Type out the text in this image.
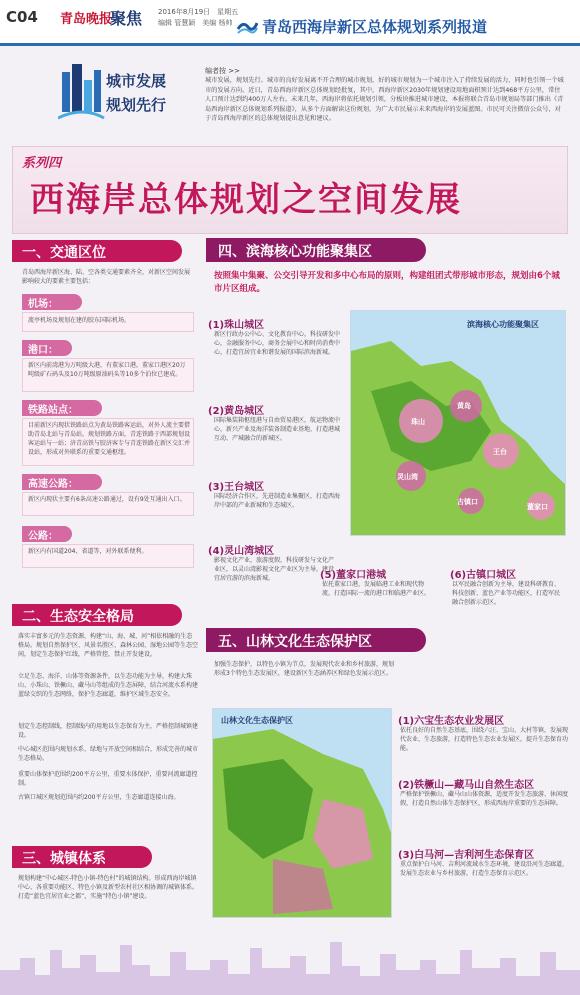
C04 青岛晚报
聚焦 2016年8月19日　星期五
编辑 管慧颖　美编 杨帅	青岛西海岸新区总体规划系列报道
城市发展
规划先行
编者按 >>
城市发展，规划先行。城市的良好发展离不开合理的城市规划，好的城市规划为一个城市注入了持续发展的活力，同时也引领一个城市的发展方向。近日，青岛西海岸新区总体规划经批复，其中，西海岸新区2030年规划建设用地面积预计达到468平方公里，常住人口预计达到约400万人左右。未来几年，西海岸将依托规划引领，分板块推进城市建设，本报将联合青岛市规划局等部门推出《青岛西海岸新区总体规划系列报道》，从多个方面解读这份规划，为广大市民展示未来西海岸的发展蓝图。市民可关注微信公众号，对于青岛西海岸新区的总体规划提出意见和建议。
系列四
西海岸总体规划之空间发展
一、交通区位
青岛西海岸新区海、陆、空各类交通要素齐全，对新区空间发展影响较大的要素主要包括：
机场：
流亭机场及规划在建的胶东国际机场。
港口：
新区内前湾港为万吨级大港，有董家口港。董家口港区20万吨级矿石码头及10万吨级原油码头等10多个泊位已建成。
铁路站点：
目前新区内现状铁路站点为黄岛铁路客运站，对外人流主要借助青岛北站与青岛站。规划铁路方面，青连铁路于西部规划设客运站与一站；济青高铁与胶济客专与青连铁路在新区交汇并设站，形成对外联系的重要交通枢纽。
高速公路：
新区内现状主要有6条高速公路通过，设有9处互通出入口。
公路：
新区内有国道204、省道等，对外联系便利。
二、生态安全格局
落实丰富多元的生态资源，构建“山、海、城、河”相依相融的生态格局。规划自然保护区、风景名胜区、森林公园、湿地公园等生态空间，划定生态保护红线，严格管控，禁止开发建设。
立足生态、海洋、山体等资源条件，以生态功能为主导，构建大珠山、小珠山、铁橛山、藏马山等组成的生态屏障，结合河流水系构建蓝绿交织的生态网络，保护生态廊道，维护区域生态安全。
划定生态控制线，控制线内的用地以生态保育为主，严格控制城镇建设。
中心城区范围内规划水系、绿地与开放空间相结合，形成完善的城市生态格局。
重要山体保护范围约200平方公里，重要水体保护，重要河流廊道控制。
古镇口城区规划范围内约200平方公里，生态廊道连接山海。
三、城镇体系
规划构建“中心城区-特色小镇-特色村”的城镇结构。形成西海岸城镇中心、各重要功能区、特色小镇及新型农村社区相协调的城镇体系。打造“蓝色宜居宜业之都”，实施“特色小镇”建设。
四、滨海核心功能聚集区
按照集中集聚、公交引导开发和多中心布局的原则，构建组团式带形城市形态，规划由6个城市片区组成。
滨海核心功能聚集区
珠山
黄岛
王台
灵山湾
董家口
古镇口
(1)珠山城区
新区行政办公中心、文化教育中心，科技研发中心，金融服务中心，商务会展中心和时尚消费中心，打造宜居宜业和谐发展的国际滨海新城。
(2)黄岛城区
国际集装箱枢纽港与自由贸易港区，航运物流中心，新兴产业及海洋装备制造业基地，打造港城互动、产城融合的新城区。
(3)王台城区
国际经济合作区，先进制造业集聚区，打造西海岸中部的产业新城和生态城区。
(4)灵山湾城区
影视文化产业，旅游度假，科技研发与文化产业区，以灵山湾影视文化产业区为主导，建设宜居宜游的滨海新城。	(5)董家口港城
依托董家口港，发展临港工业和现代物流，打造国际一流的港口和临港产业区。
(6)古镇口城区
以军民融合创新为主导，建设科研教育、科技创新、蓝色产业等功能区，打造军民融合创新示范区。
五、山林文化生态保护区
加强生态保护，以特色小镇为节点，发展现代农业和乡村旅游，规划形成3个特色生态发展区，建设新区生态涵养区和绿色发展示范区。
山林文化生态保护区	(1)六宝生态农业发展区
依托良好的自然生态基底，围绕六汪、宝山、大村等镇，发展现代农业、生态旅游，打造特色生态农业发展区，提升生态保育功能。
(2)铁橛山—藏马山自然生态区
严格保护铁橛山、藏马山山体资源，适度开发生态旅游、休闲度假，打造自然山体生态保护区，形成西海岸重要的生态屏障。
(3)白马河—吉利河生态保育区
重点保护白马河、吉利河流域水生态环境，建设沿河生态廊道，发展生态农业与乡村旅游，打造生态保育示范区。
